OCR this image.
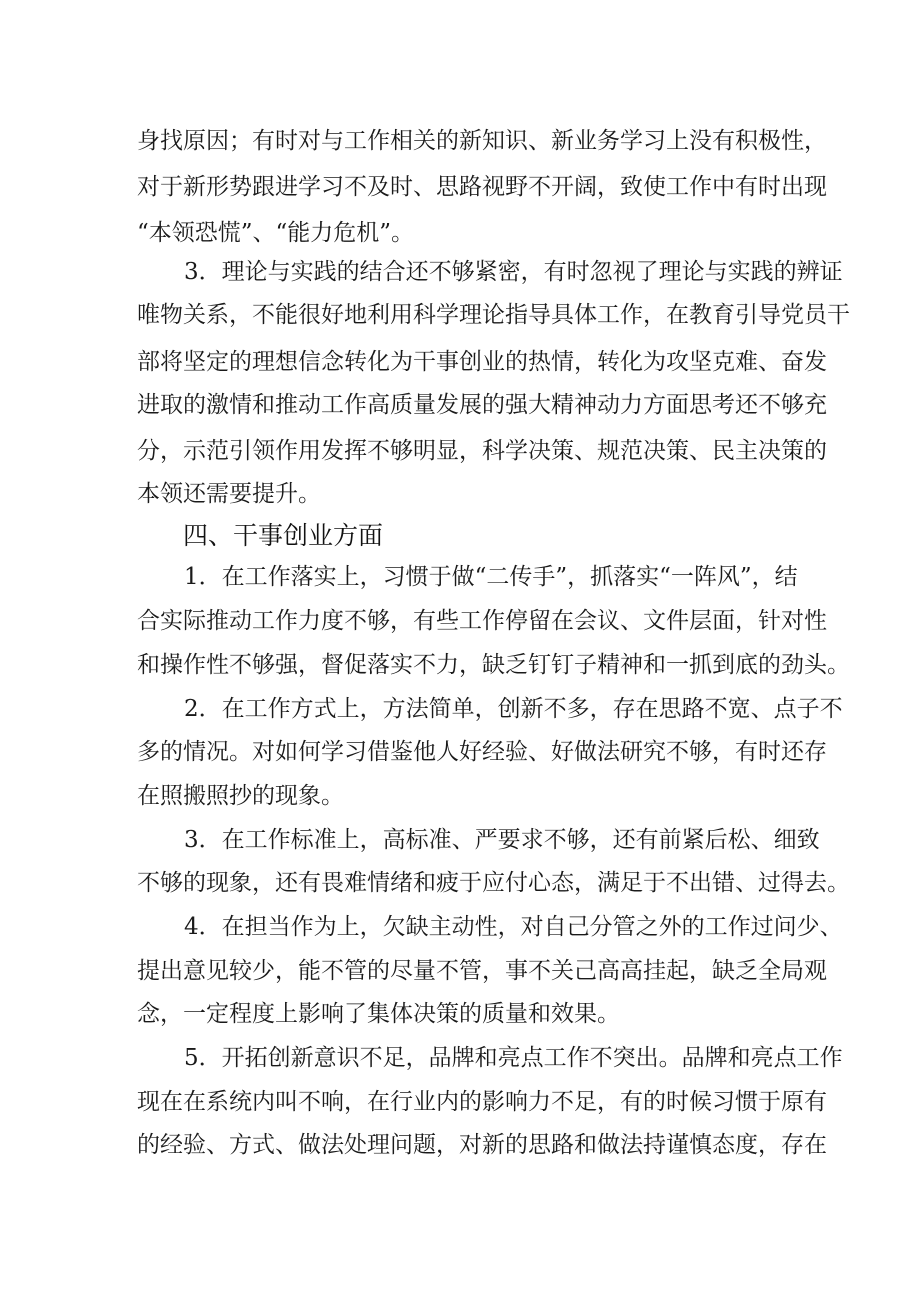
身找原因；有时对与工作相关的新知识、新业务学习上没有积极性，
对于新形势跟进学习不及时、思路视野不开阔，致使工作中有时出现
“本领恐慌”、“能力危机”。
3．理论与实践的结合还不够紧密，有时忽视了理论与实践的辨证
唯物关系，不能很好地利用科学理论指导具体工作，在教育引导党员干
部将坚定的理想信念转化为干事创业的热情，转化为攻坚克难、奋发
进取的激情和推动工作高质量发展的强大精神动力方面思考还不够充
分，示范引领作用发挥不够明显，科学决策、规范决策、民主决策的
本领还需要提升。
四、干事创业方面
1．在工作落实上，习惯于做“二传手”，抓落实“一阵风”，结
合实际推动工作力度不够，有些工作停留在会议、文件层面，针对性
和操作性不够强，督促落实不力，缺乏钉钉子精神和一抓到底的劲头。
2．在工作方式上，方法简单，创新不多，存在思路不宽、点子不
多的情况。对如何学习借鉴他人好经验、好做法研究不够，有时还存
在照搬照抄的现象。
3．在工作标准上，高标准、严要求不够，还有前紧后松、细致
不够的现象，还有畏难情绪和疲于应付心态，满足于不出错、过得去。
4．在担当作为上，欠缺主动性，对自己分管之外的工作过问少、
提出意见较少，能不管的尽量不管，事不关己高高挂起，缺乏全局观
念，一定程度上影响了集体决策的质量和效果。
5．开拓创新意识不足，品牌和亮点工作不突出。品牌和亮点工作
现在在系统内叫不响，在行业内的影响力不足，有的时候习惯于原有
的经验、方式、做法处理问题，对新的思路和做法持谨慎态度，存在
